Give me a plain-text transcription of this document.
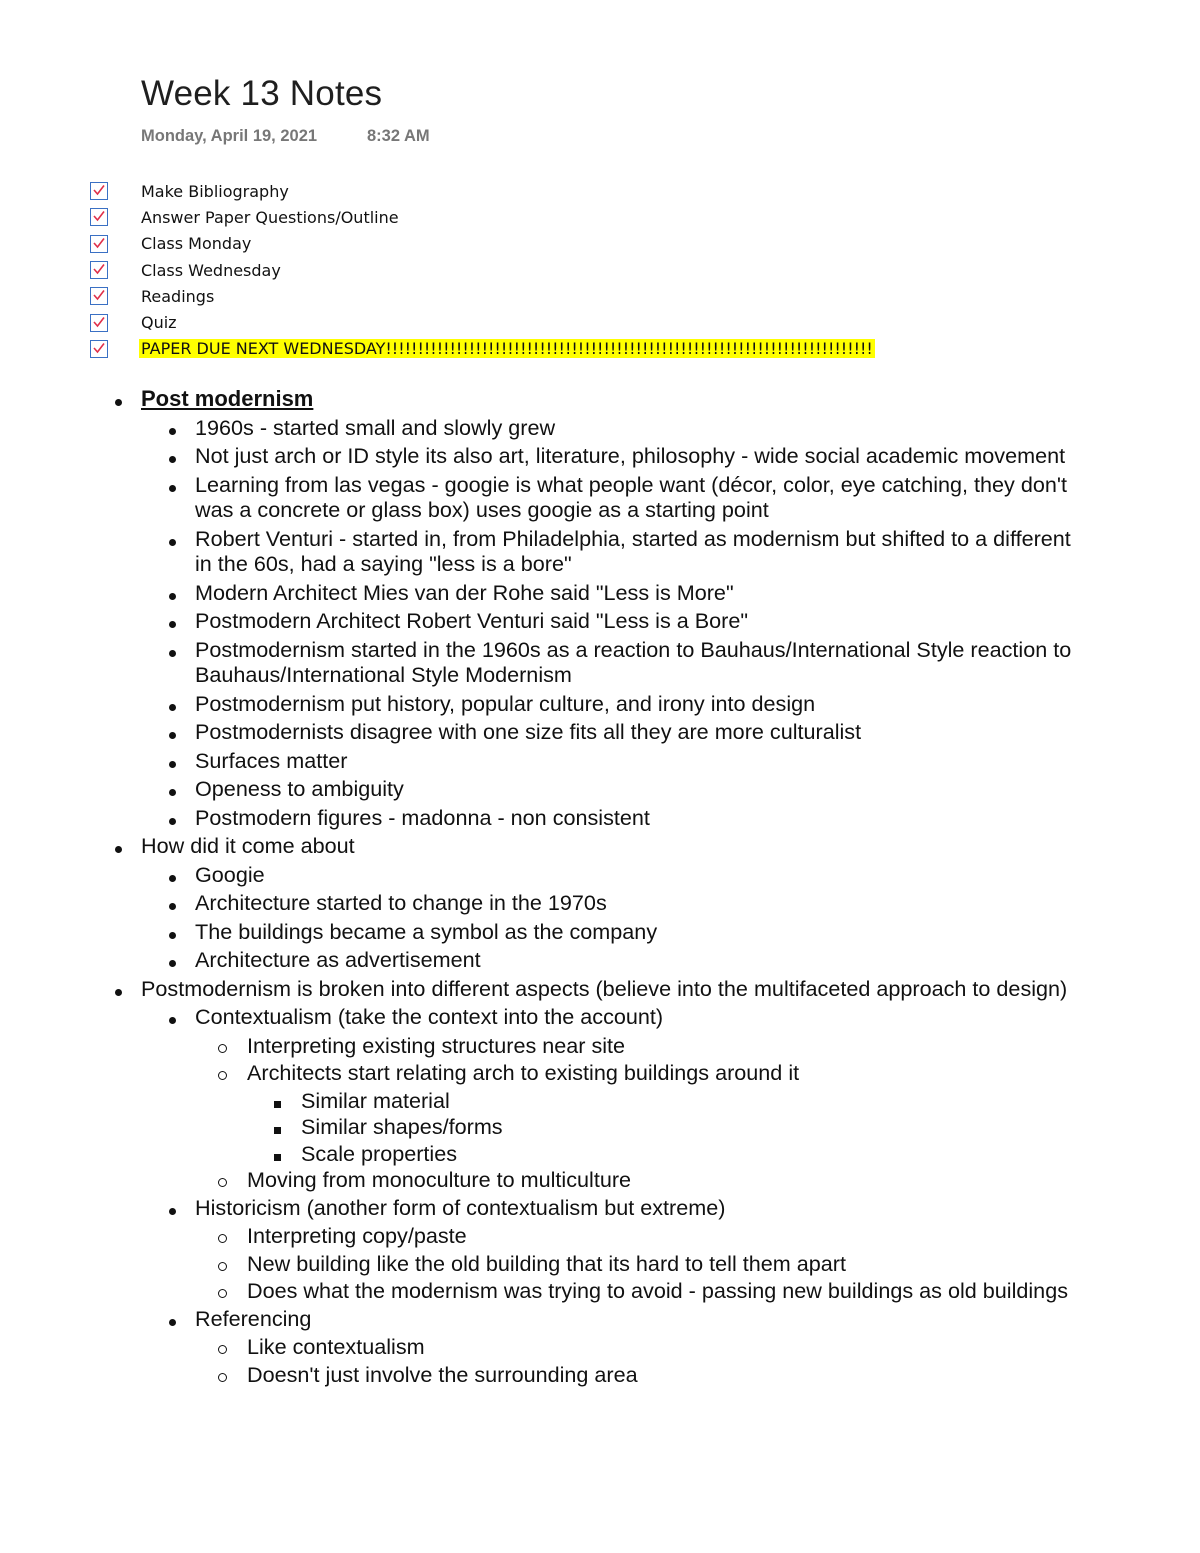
Week 13 Notes
Monday, April 19, 2021	8:32 AM
Make Bibliography
Answer Paper Questions/Outline
Class Monday
Class Wednesday
Readings
Quiz
PAPER DUE NEXT WEDNESDAY!!!!!!!!!!!!!!!!!!!!!!!!!!!!!!!!!!!!!!!!!!!!!!!!!!!!!!!!!!!!!!!!!!!!!!!!!!!!
Post modernism
1960s - started small and slowly grew
Not just arch or ID style its also art, literature, philosophy - wide social academic movement
Learning from las vegas - googie is what people want (décor, color, eye catching, they don't was a concrete or glass box) uses googie as a starting point
Robert Venturi - started in, from Philadelphia, started as modernism but shifted to a different in the 60s, had a saying "less is a bore"
Modern Architect Mies van der Rohe said "Less is More"
Postmodern Architect Robert Venturi said "Less is a Bore"
Postmodernism started in the 1960s as a reaction to Bauhaus/International Style reaction to Bauhaus/International Style Modernism
Postmodernism put history, popular culture, and irony into design
Postmodernists disagree with one size fits all they are more culturalist
Surfaces matter
Openess to ambiguity
Postmodern figures - madonna - non consistent
How did it come about
Googie
Architecture started to change in the 1970s
The buildings became a symbol as the company
Architecture as advertisement
Postmodernism is broken into different aspects (believe into the multifaceted approach to design)
Contextualism (take the context into the account)
Interpreting existing structures near site
Architects start relating arch to existing buildings around it
Similar material
Similar shapes/forms
Scale properties
Moving from monoculture to multiculture
Historicism (another form of contextualism but extreme)
Interpreting copy/paste
New building like the old building that its hard to tell them apart
Does what the modernism was trying to avoid - passing new buildings as old buildings
Referencing
Like contextualism
Doesn't just involve the surrounding area
